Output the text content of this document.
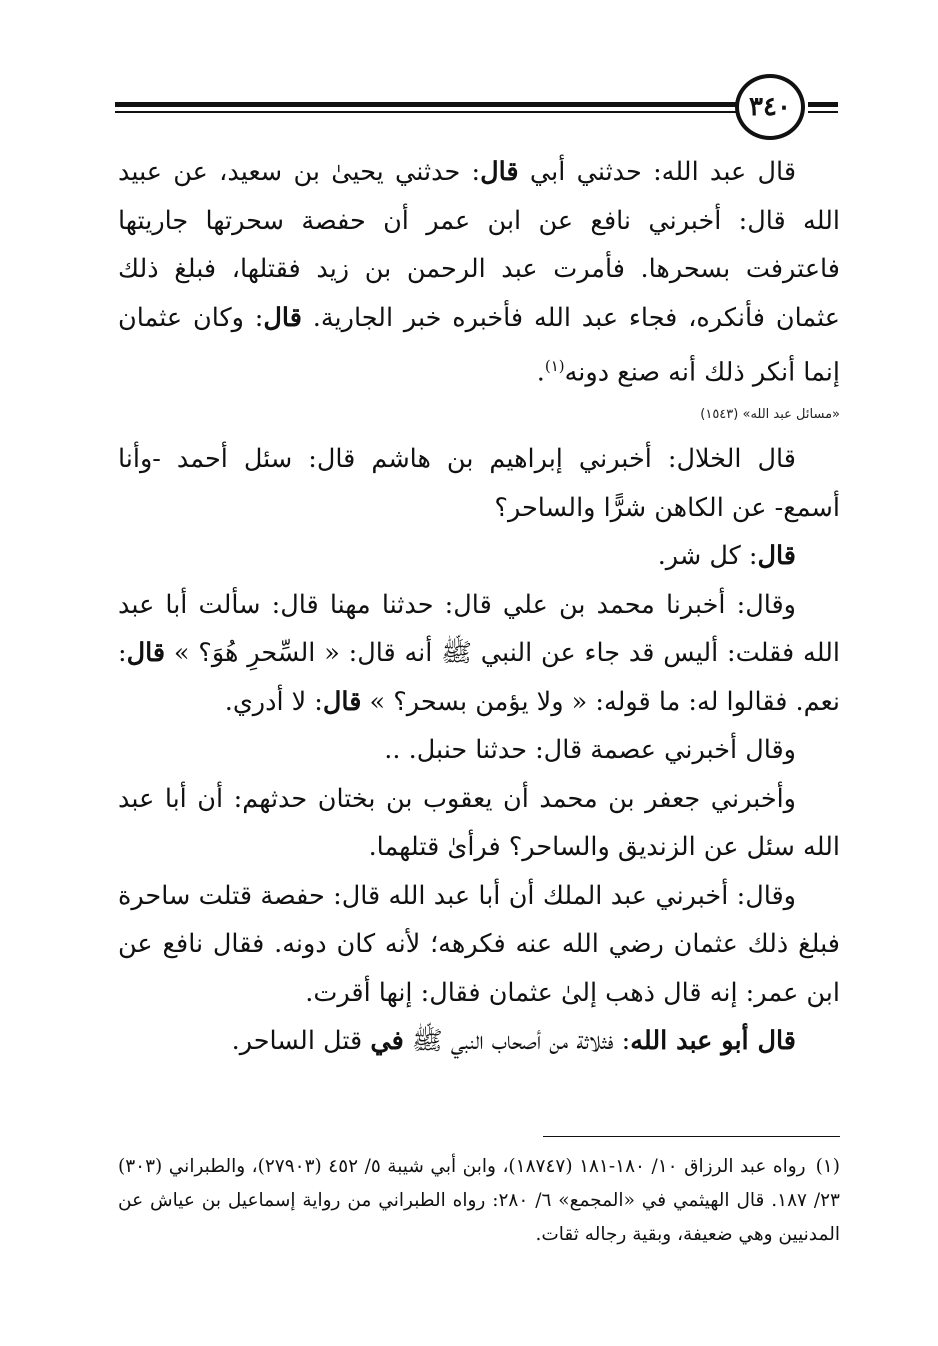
٣٤٠

قال عبد الله: حدثني أبي قال: حدثني يحيىٰ بن سعيد، عن عبيد الله قال: أخبرني نافع عن ابن عمر أن حفصة سحرتها جاريتها فاعترفت بسحرها. فأمرت عبد الرحمن بن زيد فقتلها، فبلغ ذلك عثمان فأنكره، فجاء عبد الله فأخبره خبر الجارية. قال: وكان عثمان إنما أنكر ذلك أنه صنع دونه$^{(١)}$.

«مسائل عبد الله» (١٥٤٣)

قال الخلال: أخبرني إبراهيم بن هاشم قال: سئل أحمد -وأنا أسمع- عن الكاهن شرًّا والساحر؟

قال: كل شر.

وقال: أخبرنا محمد بن علي قال: حدثنا مهنا قال: سألت أبا عبد الله فقلت: أليس قد جاء عن النبي ﷺ أنه قال: « السِّحرِ هُوَ؟ » قال: نعم. فقالوا له: ما قوله: « ولا يؤمن بسحر؟ » قال: لا أدري.

وقال أخبرني عصمة قال: حدثنا حنبل. ..

وأخبرني جعفر بن محمد أن يعقوب بن بختان حدثهم: أن أبا عبد الله سئل عن الزنديق والساحر؟ فرأىٰ قتلهما.

وقال: أخبرني عبد الملك أن أبا عبد الله قال: حفصة قتلت ساحرة فبلغ ذلك عثمان رضي الله عنه فكرهه؛ لأنه كان دونه. فقال نافع عن ابن عمر: إنه قال ذهب إلىٰ عثمان فقال: إنها أقرت.

قال أبو عبد الله: فثلاثة من أصحاب النبي ﷺ في قتل الساحر.

(١)رواه عبد الرزاق ١٠/ ١٨٠-١٨١ (١٨٧٤٧)، وابن أبي شيبة ٥/ ٤٥٢ (٢٧٩٠٣)، والطبراني (٣٠٣) ٢٣/ ١٨٧. قال الهيثمي في «المجمع» ٦/ ٢٨٠: رواه الطبراني من رواية إسماعيل بن عياش عن المدنيين وهي ضعيفة، وبقية رجاله ثقات.
